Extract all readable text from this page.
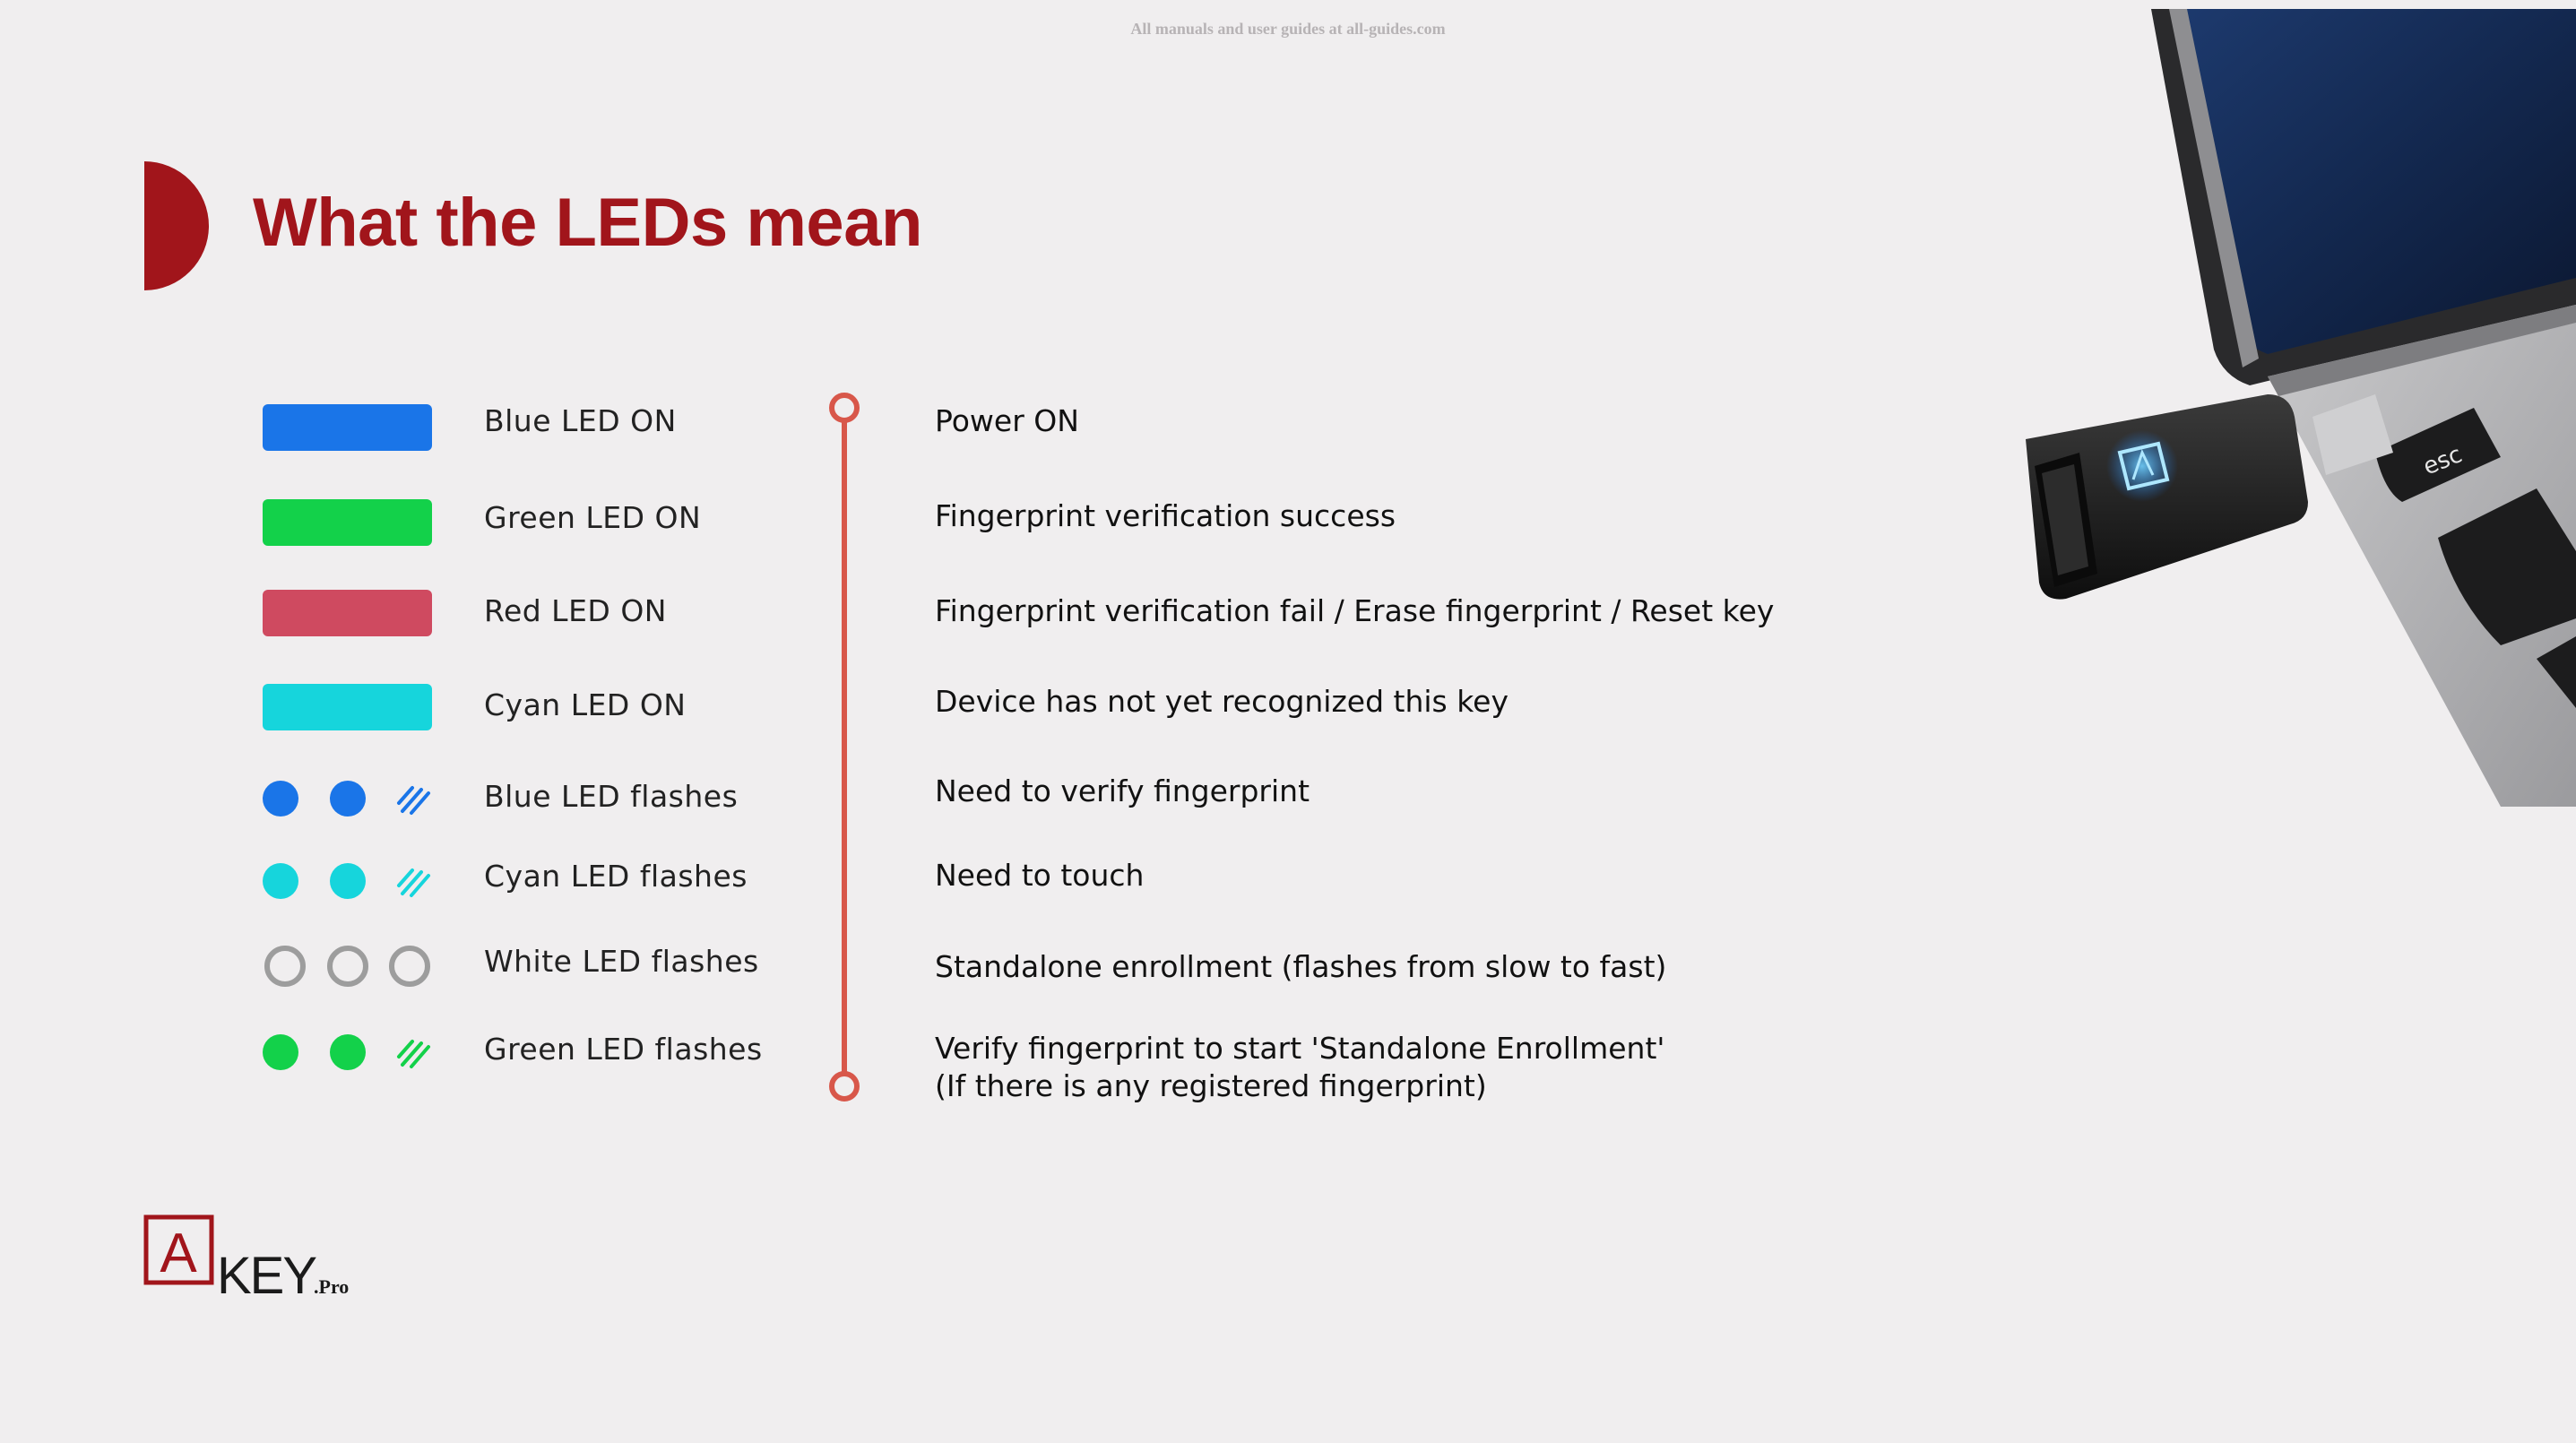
All manuals and user guides at all-guides.com
What the LEDs mean
Blue LED ON	Power ON
Green LED ON	Fingerprint verification success
Red LED ON	Fingerprint verification fail / Erase fingerprint / Reset key
Cyan LED ON	Device has not yet recognized this key
Blue LED flashes	Need to verify fingerprint
Cyan LED flashes	Need to touch
White LED flashes	Standalone enrollment (flashes from slow to fast)
Green LED flashes	Verify fingerprint to start 'Standalone Enrollment'
(If there is any registered fingerprint)
A KEY
.Pro
esc
